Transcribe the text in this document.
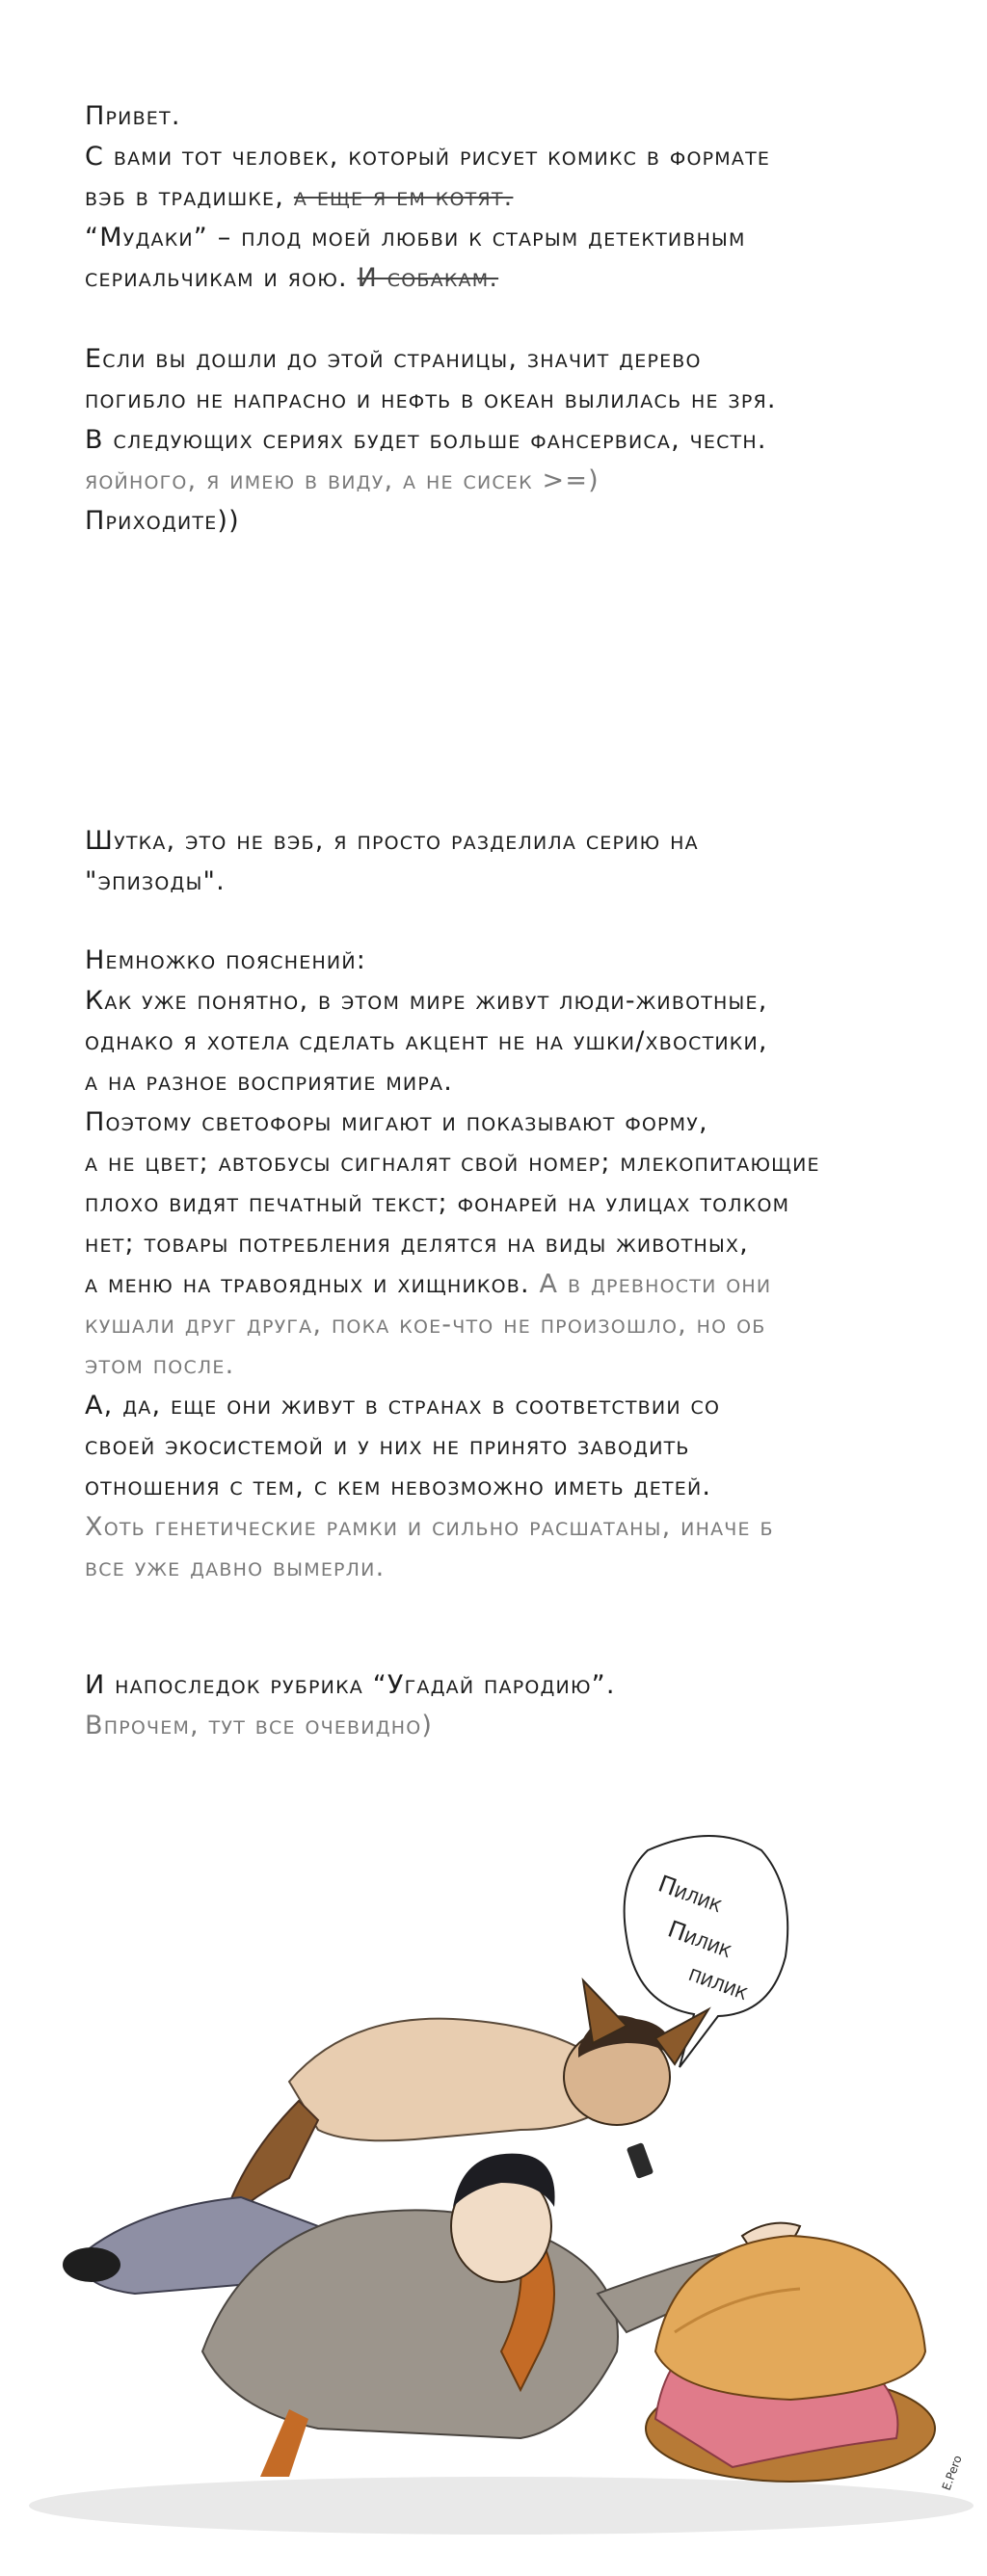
Привет.
С вами тот человек, который рисует комикс в формате
вэб в традишке, а еще я ем котят.
“Мудаки” – плод моей любви к старым детективным
сериальчикам и яою. И собакам.
Если вы дошли до этой страницы, значит дерево
погибло не напрасно и нефть в океан вылилась не зря.
В следующих сериях будет больше фансервиса, честн.
яойного, я имею в виду, а не сисек >=)
Приходите))
Шутка, это не вэб, я просто разделила серию на
"эпизоды".
Немножко пояснений:
Как уже понятно, в этом мире живут люди-животные,
однако я хотела сделать акцент не на ушки/хвостики,
а на разное восприятие мира.
Поэтому светофоры мигают и показывают форму,
а не цвет; автобусы сигналят свой номер; млекопитающие
плохо видят печатный текст; фонарей на улицах толком
нет; товары потребления делятся на виды животных,
а меню на травоядных и хищников. А в древности они
кушали друг друга, пока кое-что не произошло, но об
этом после.
А, да, еще они живут в странах в соответствии со
своей экосистемой и у них не принято заводить
отношения с тем, с кем невозможно иметь детей.
Хоть генетические рамки и сильно расшатаны, иначе б
все уже давно вымерли.
И напоследок рубрика “Угадай пародию”.
Впрочем, тут все очевидно)
Пилик
Пилик
пилик
E.Pero
